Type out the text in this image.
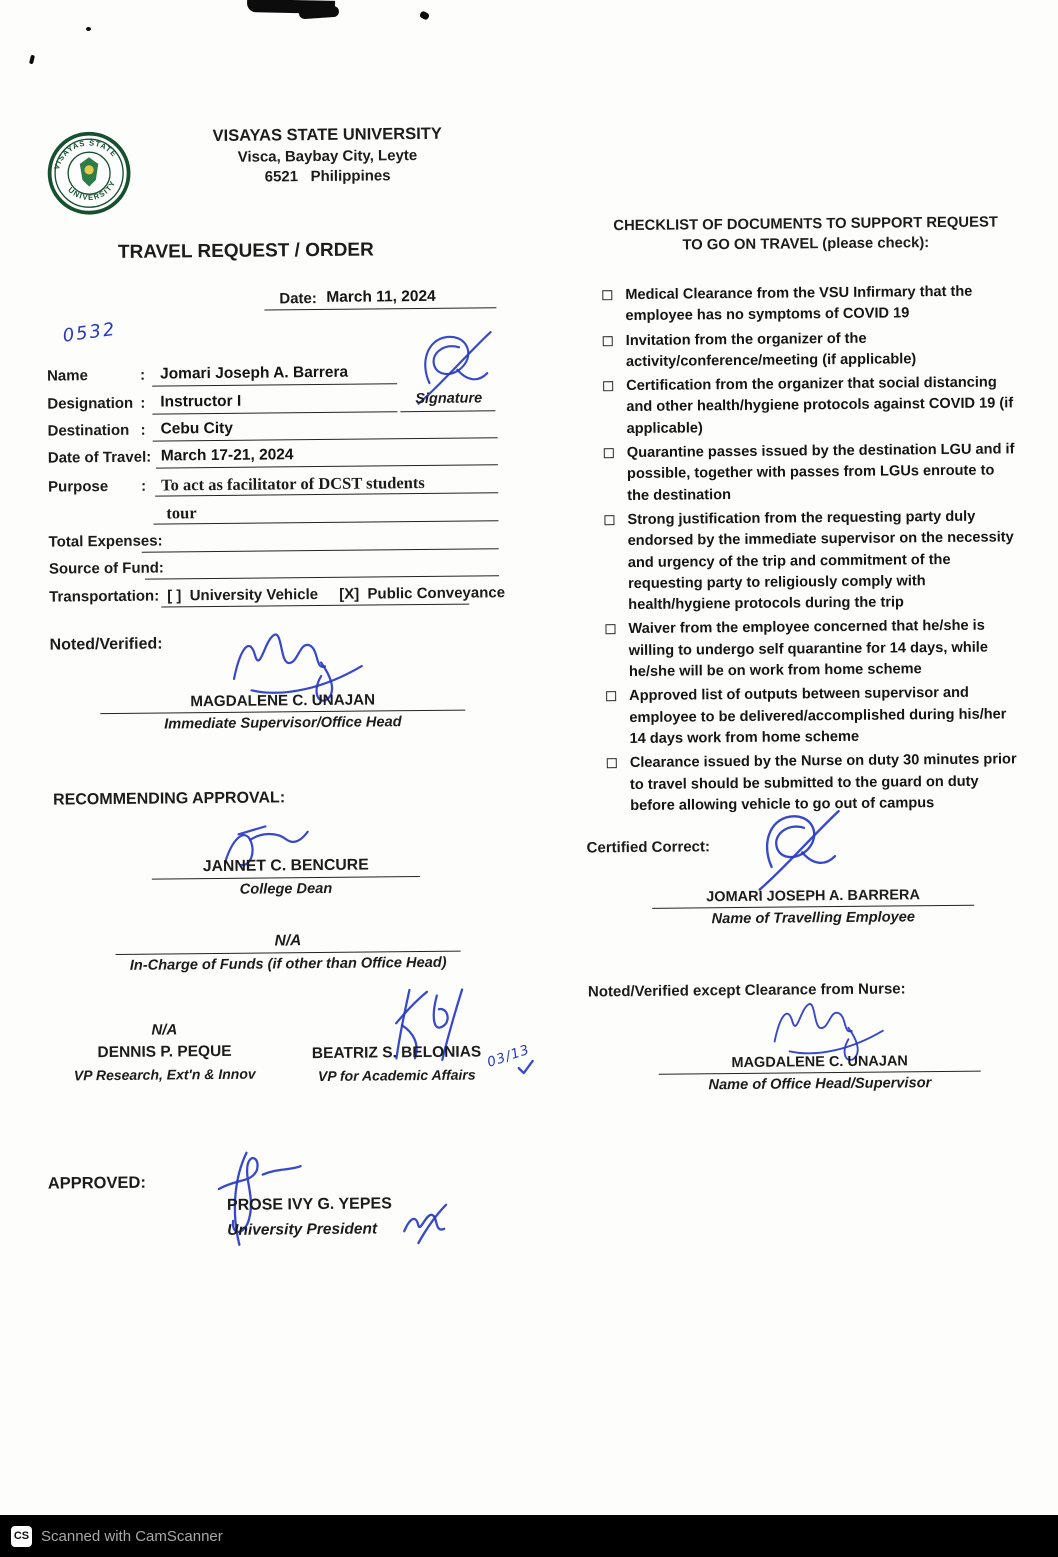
VISAYAS STATE
UNIVERSITY
VISAYAS STATE UNIVERSITY
Visca, Baybay City, Leyte
6521   Philippines
TRAVEL REQUEST / ORDER
Date: March 11, 2024
0532
Name	: Jomari Joseph A. Barrera
Designation : Instructor I	Signature
Destination : Cebu City
Date of Travel: March 17-21, 2024
Purpose : To act as facilitator of DCST students
tour
Total Expenses:
Source of Fund:
Transportation: [ ]  University Vehicle [X]  Public Conveyance
Noted/Verified:
MAGDALENE C. UNAJAN
Immediate Supervisor/Office Head
RECOMMENDING APPROVAL:
JANNET C. BENCURE
College Dean
N/A
In-Charge of Funds (if other than Office Head)
N/A
DENNIS P. PEQUE
VP Research, Ext'n & Innov
BEATRIZ S. BELONIAS
VP for Academic Affairs
03/13
APPROVED:
PROSE IVY G. YEPES
University President
CHECKLIST OF DOCUMENTS TO SUPPORT REQUEST
TO GO ON TRAVEL (please check):
Medical Clearance from the VSU Infirmary that the employee has no symptoms of COVID 19
Invitation from the organizer of the activity/conference/meeting (if applicable)
Certification from the organizer that social distancing and other health/hygiene protocols against COVID 19 (if applicable)
Quarantine passes issued by the destination LGU and if possible, together with passes from LGUs enroute to the destination
Strong justification from the requesting party duly endorsed by the immediate supervisor on the necessity and urgency of the trip and commitment of the requesting party to religiously comply with health/hygiene protocols during the trip
Waiver from the employee concerned that he/she is willing to undergo self quarantine for 14 days, while he/she will be on work from home scheme
Approved list of outputs between supervisor and employee to be delivered/accomplished during his/her 14 days work from home scheme
Clearance issued by the Nurse on duty 30 minutes prior to travel should be submitted to the guard on duty before allowing vehicle to go out of campus
Certified Correct:
JOMARI JOSEPH A. BARRERA
Name of Travelling Employee
Noted/Verified except Clearance from Nurse:
MAGDALENE C. UNAJAN
Name of Office Head/Supervisor
CS Scanned with CamScanner
